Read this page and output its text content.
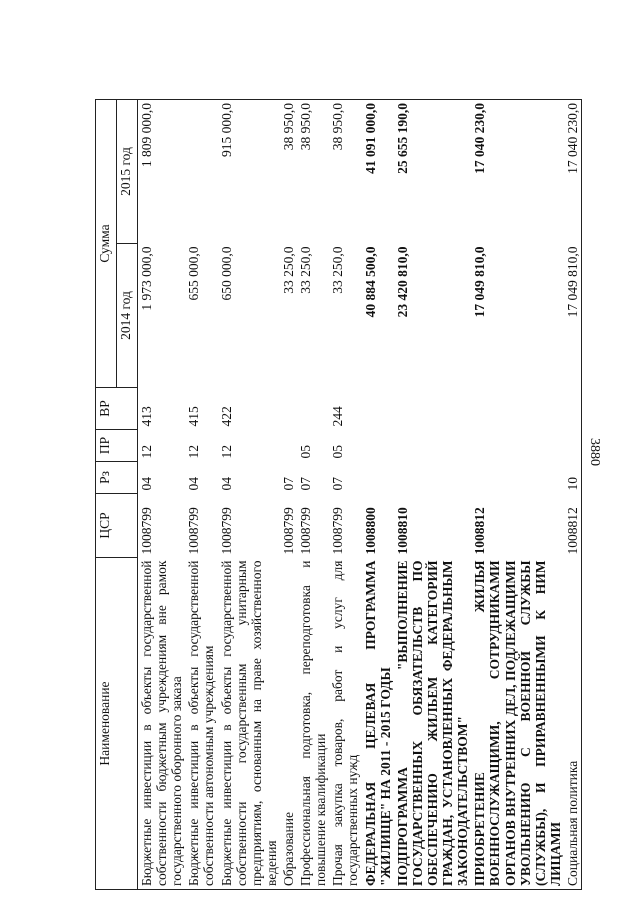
3880
Наименование	ЦСР	Рз	ПР	ВР	Сумма	
					2014 год	2015 год
Бюджетные инвестиции в объекты государственной собственности бюджетным учреждениям вне рамок государственного оборонного заказа	1008799	04	12	413	1 973 000,0	1 809 000,0
Бюджетные инвестиции в объекты государственной собственности автономным учреждениям	1008799	04	12	415	655 000,0	
Бюджетные инвестиции в объекты государственной собственности государственным унитарным предприятиям, основанным на праве хозяйственного ведения	1008799	04	12	422	650 000,0	915 000,0
Образование	1008799	07			33 250,0	38 950,0
Профессиональная подготовка, переподготовка и повышение квалификации	1008799	07	05		33 250,0	38 950,0
Прочая закупка товаров, работ и услуг для государственных нужд	1008799	07	05	244	33 250,0	38 950,0
ФЕДЕРАЛЬНАЯ ЦЕЛЕВАЯ ПРОГРАММА "ЖИЛИЩЕ" НА 2011 - 2015 ГОДЫ	1008800				40 884 500,0	41 091 000,0
ПОДПРОГРАММА "ВЫПОЛНЕНИЕ ГОСУДАРСТВЕННЫХ ОБЯЗАТЕЛЬСТВ ПО ОБЕСПЕЧЕНИЮ ЖИЛЬЕМ КАТЕГОРИЙ ГРАЖДАН, УСТАНОВЛЕННЫХ ФЕДЕРАЛЬНЫМ ЗАКОНОДАТЕЛЬСТВОМ"	1008810				23 420 810,0	25 655 190,0
ПРИОБРЕТЕНИЕ ЖИЛЬЯ ВОЕННОСЛУЖАЩИМИ, СОТРУДНИКАМИ ОРГАНОВ ВНУТРЕННИХ ДЕЛ, ПОДЛЕЖАЩИМИ УВОЛЬНЕНИЮ С ВОЕННОЙ СЛУЖБЫ (СЛУЖБЫ), И ПРИРАВНЕННЫМИ К НИМ ЛИЦАМИ	1008812				17 049 810,0	17 040 230,0
Социальная политика	1008812	10			17 049 810,0	17 040 230,0
